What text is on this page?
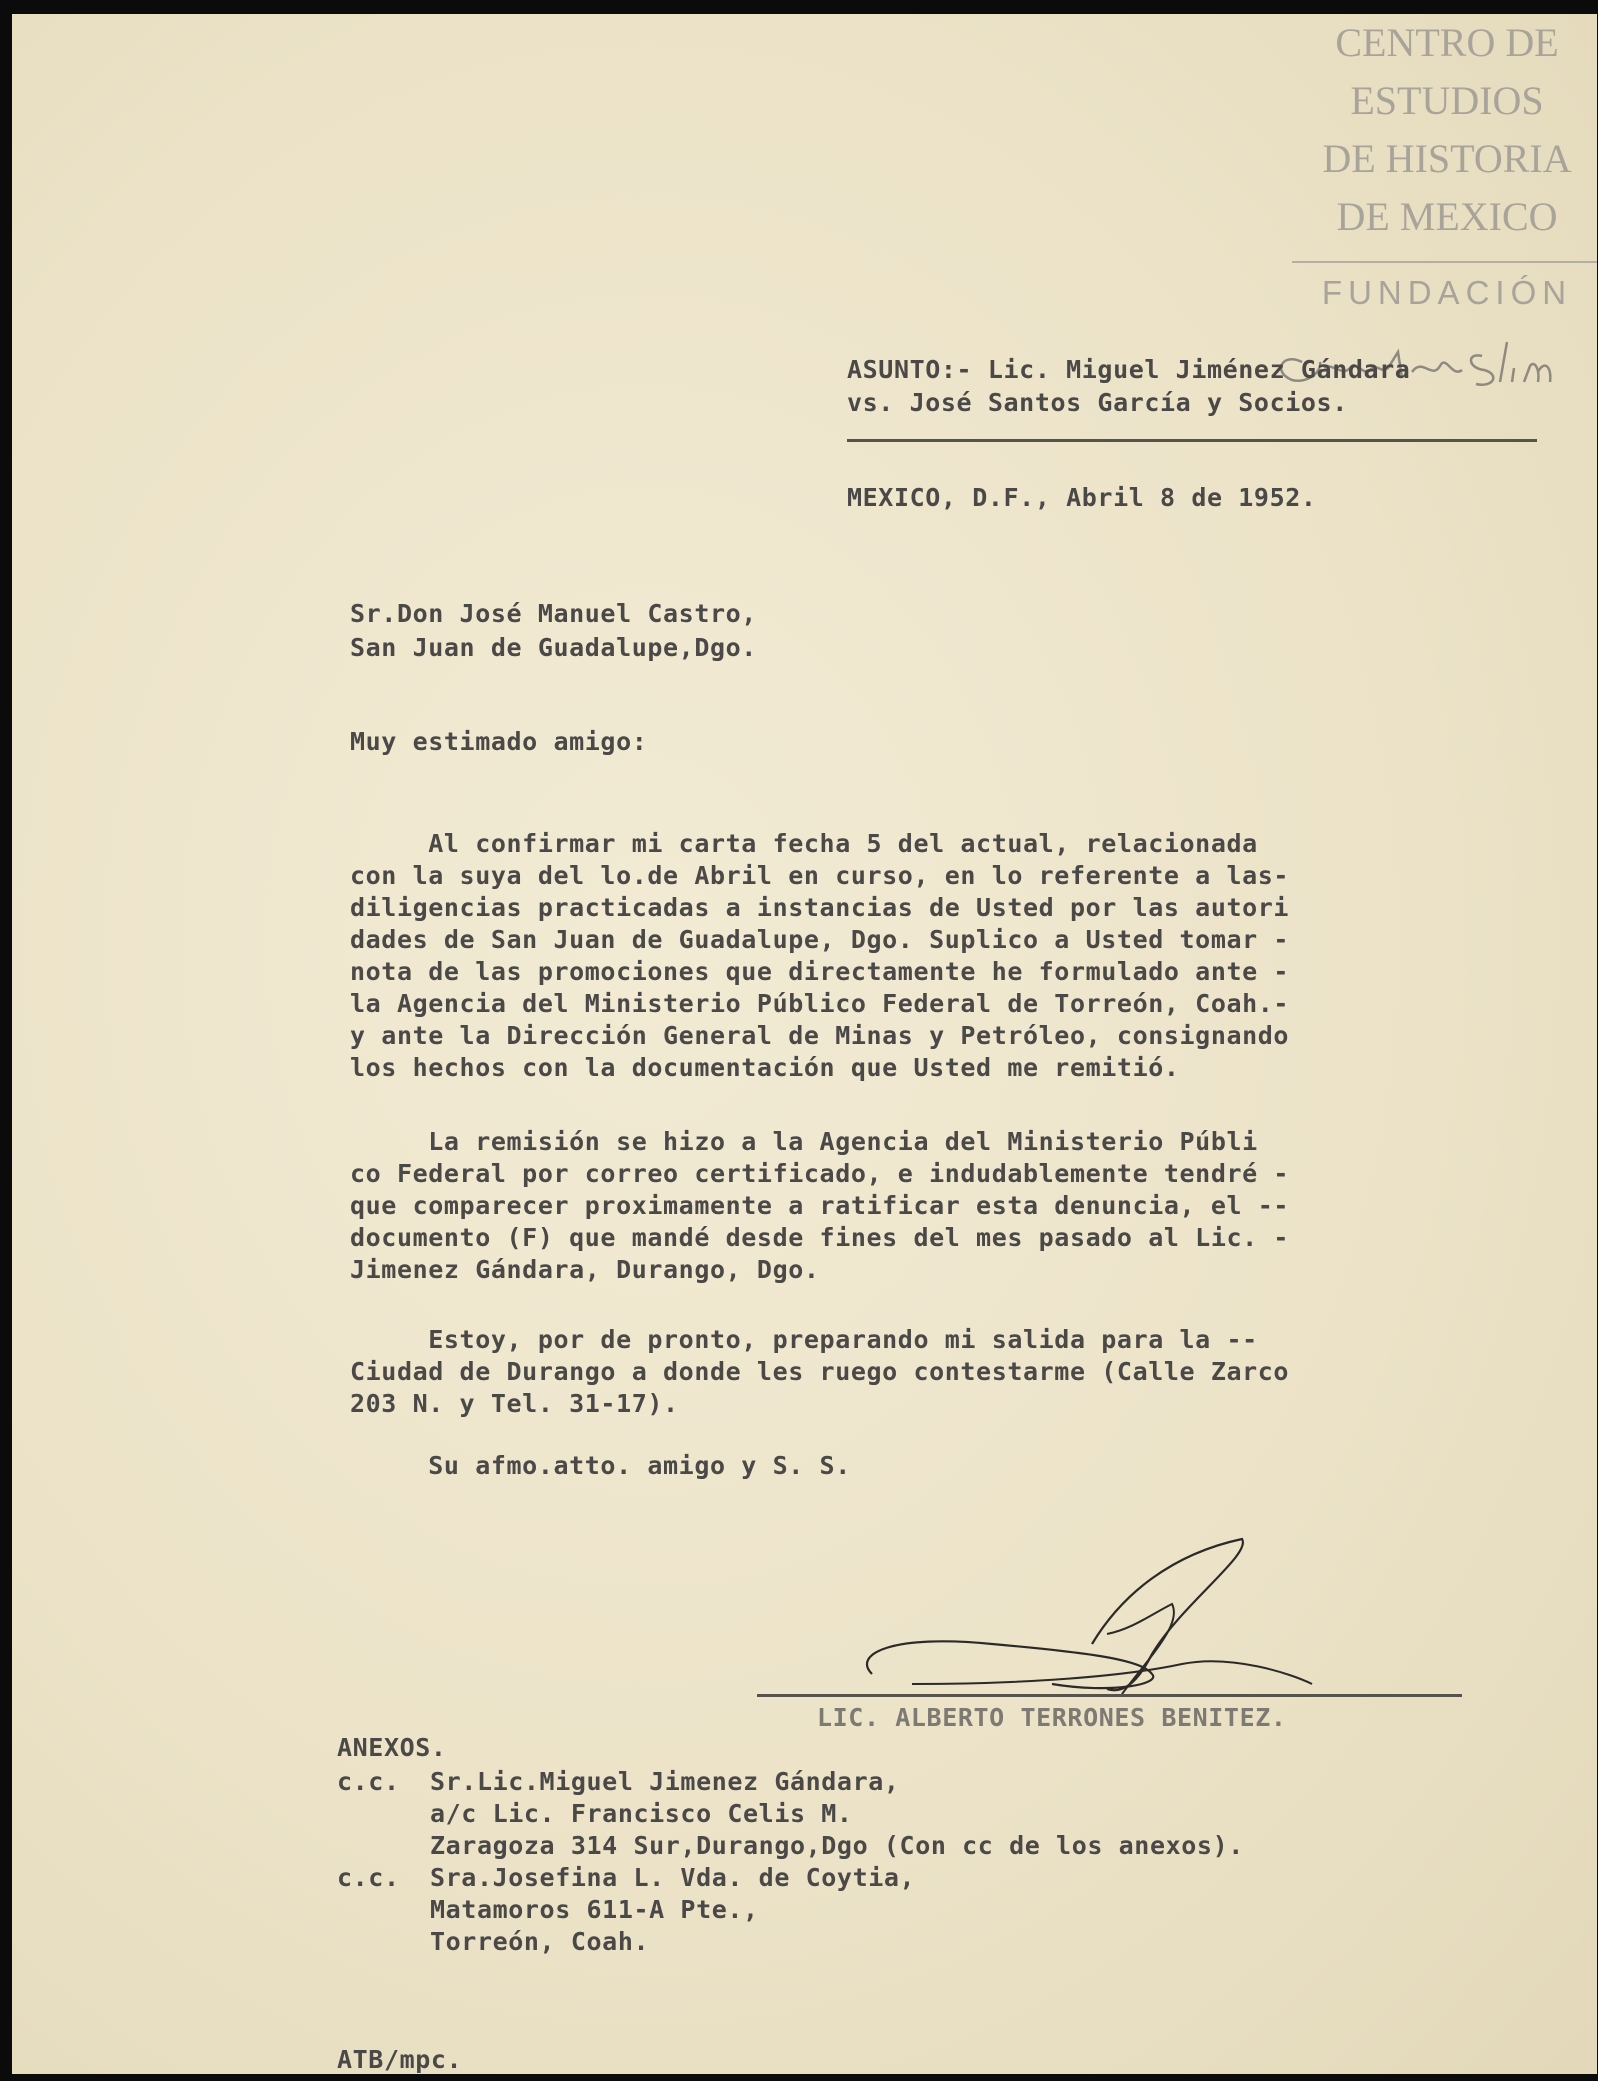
CENTRO DE
ESTUDIOS
DE HISTORIA
DE MEXICO
FUNDACIÓN
ASUNTO:- Lic. Miguel Jiménez Gándara
vs. José Santos García y Socios.
MEXICO, D.F., Abril 8 de 1952.
Sr.Don José Manuel Castro,
San Juan de Guadalupe,Dgo.
Muy estimado amigo:
Al confirmar mi carta fecha 5 del actual, relacionada
con la suya del lo.de Abril en curso, en lo referente a las-
diligencias practicadas a instancias de Usted por las autori
dades de San Juan de Guadalupe, Dgo. Suplico a Usted tomar -
nota de las promociones que directamente he formulado ante -
la Agencia del Ministerio Público Federal de Torreón, Coah.-
y ante la Dirección General de Minas y Petróleo, consignando
los hechos con la documentación que Usted me remitió.
La remisión se hizo a la Agencia del Ministerio Públi
co Federal por correo certificado, e indudablemente tendré -
que comparecer proximamente a ratificar esta denuncia, el --
documento (F) que mandé desde fines del mes pasado al Lic. -
Jimenez Gándara, Durango, Dgo.
Estoy, por de pronto, preparando mi salida para la --
Ciudad de Durango a donde les ruego contestarme (Calle Zarco
203 N. y Tel. 31-17).
Su afmo.atto. amigo y S. S.
LIC. ALBERTO TERRONES BENITEZ.
ANEXOS.
c.c. Sr.Lic.Miguel Jimenez Gándara,
a/c Lic. Francisco Celis M.
Zaragoza 314 Sur,Durango,Dgo (Con cc de los anexos).
c.c. Sra.Josefina L. Vda. de Coytia,
Matamoros 611-A Pte.,
Torreón, Coah.
ATB/mpc.
